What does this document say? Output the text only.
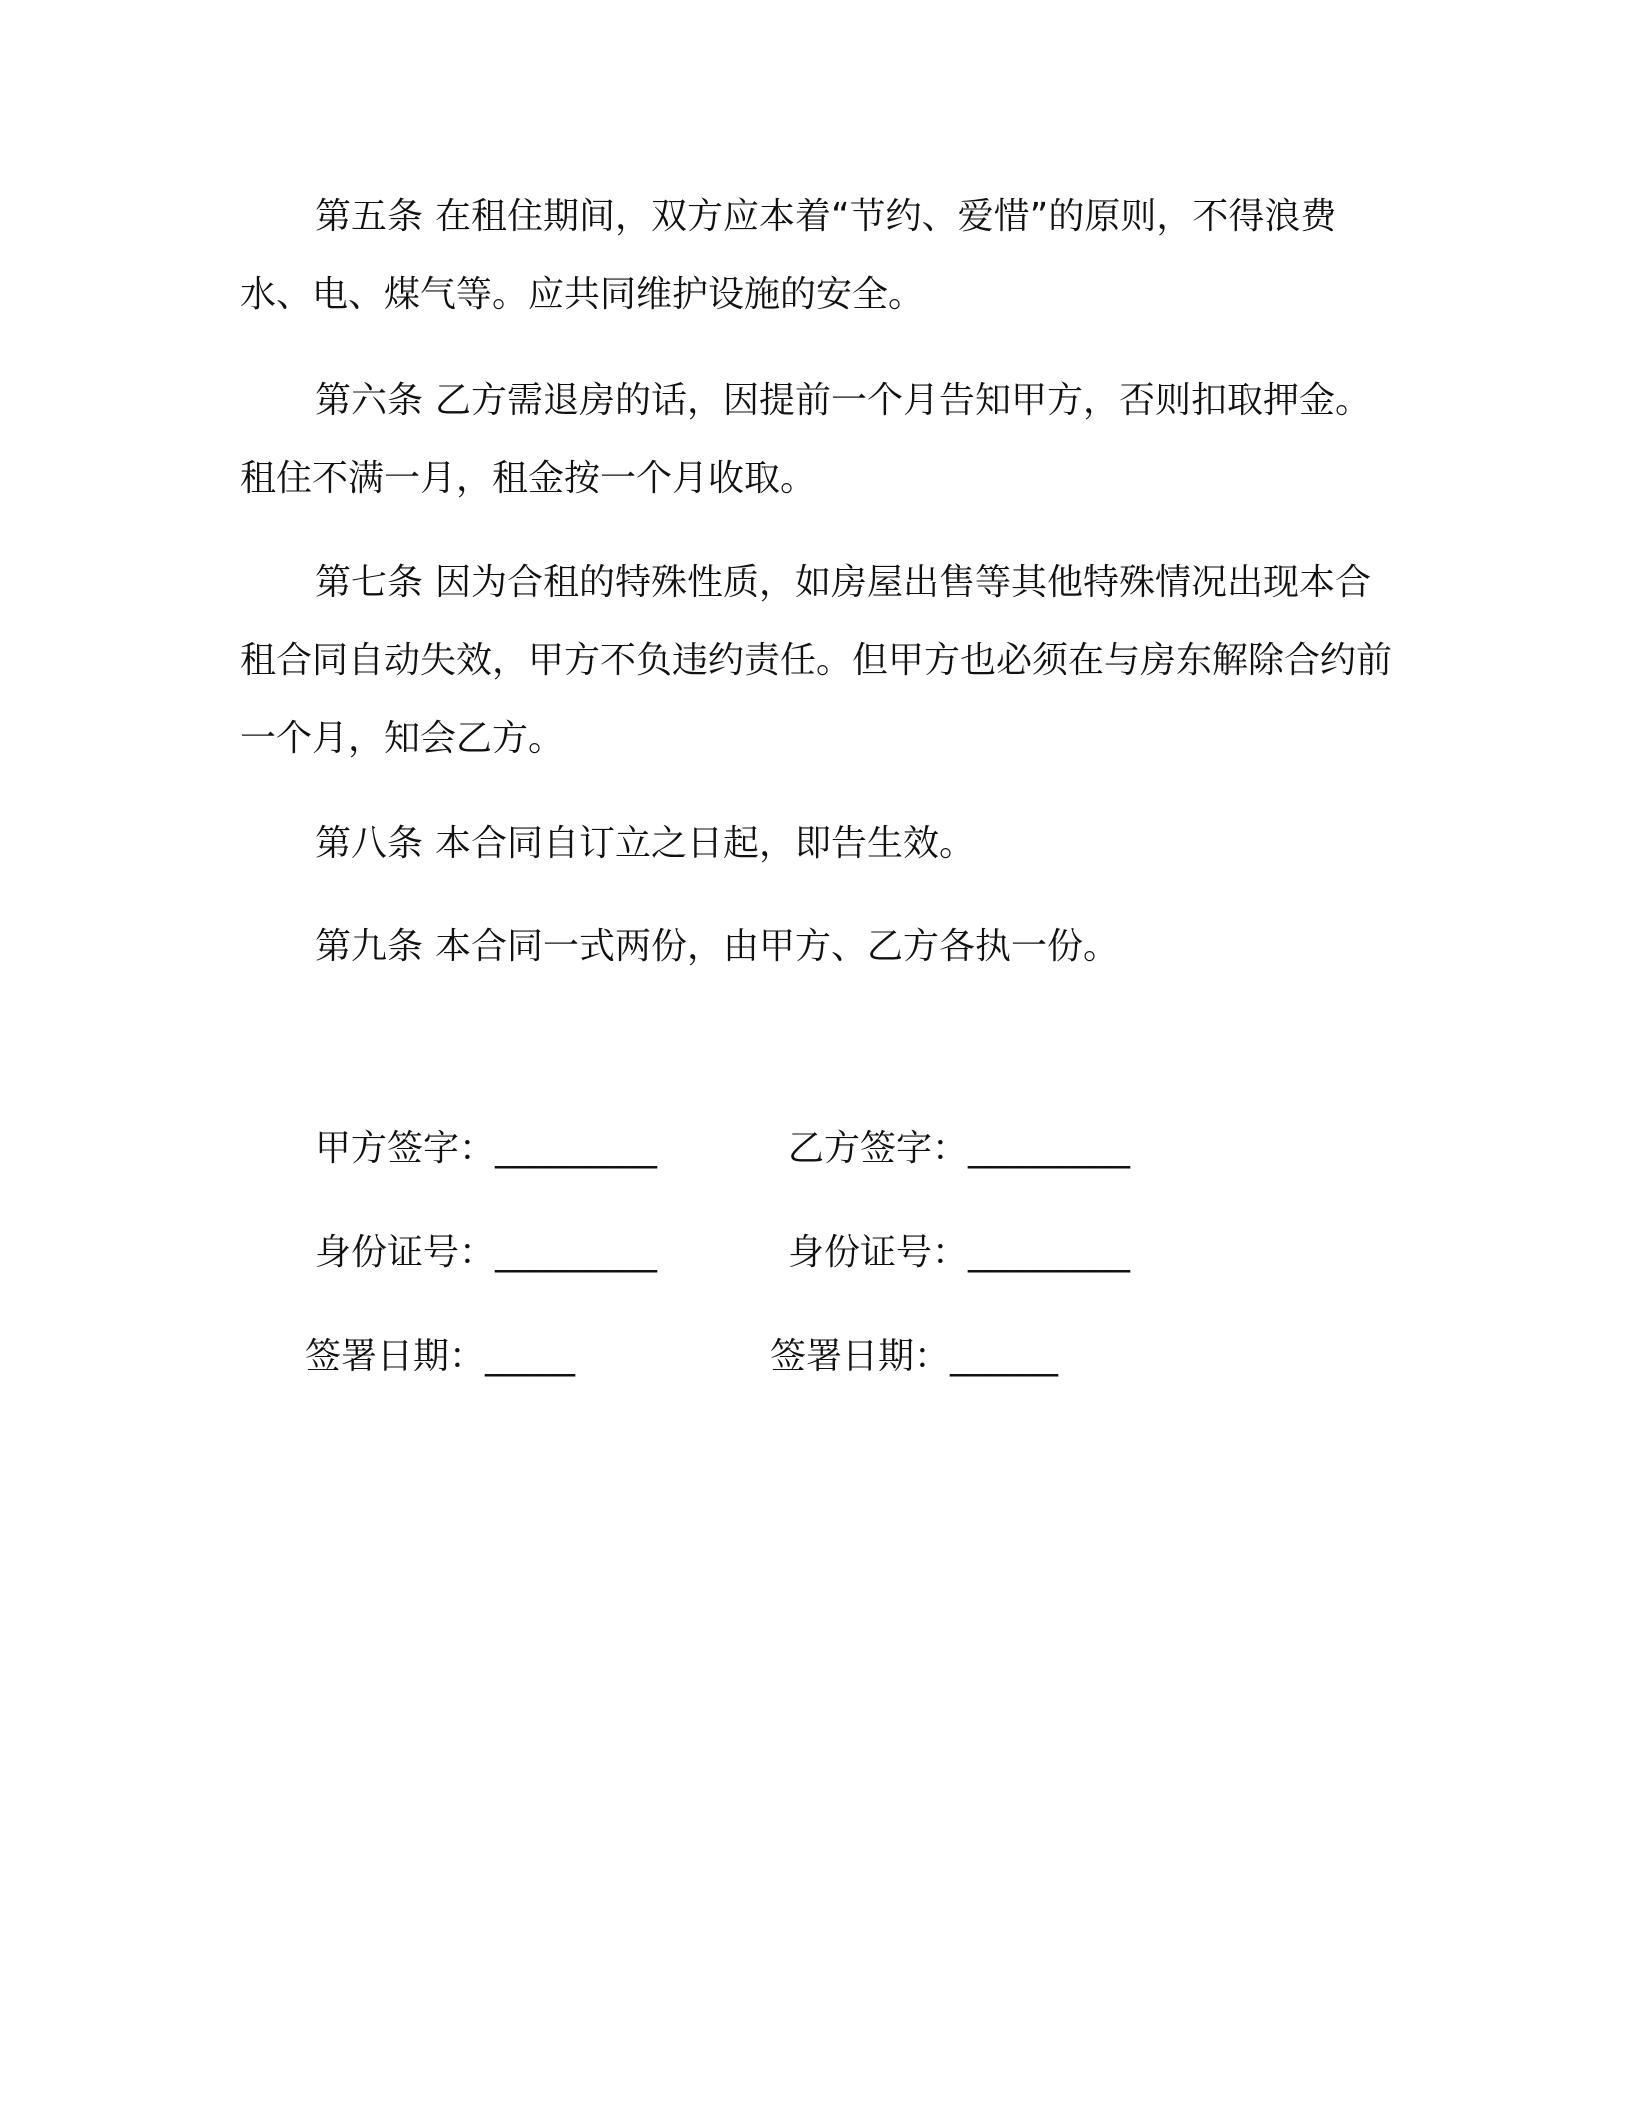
第五条 在租住期间，双方应本着“节约、爱惜”的原则，不得浪费水、电、煤气等。应共同维护设施的安全。

第六条 乙方需退房的话，因提前一个月告知甲方，否则扣取押金。租住不满一月，租金按一个月收取。

第七条 因为合租的特殊性质，如房屋出售等其他特殊情况出现本合租合同自动失效，甲方不负违约责任。但甲方也必须在与房东解除合约前一个月，知会乙方。

第八条 本合同自订立之日起，即告生效。

第九条 本合同一式两份，由甲方、乙方各执一份。

甲方签字：_________	乙方签字：_________
身份证号：_________	身份证号：_________
签署日期：_____	签署日期：______
